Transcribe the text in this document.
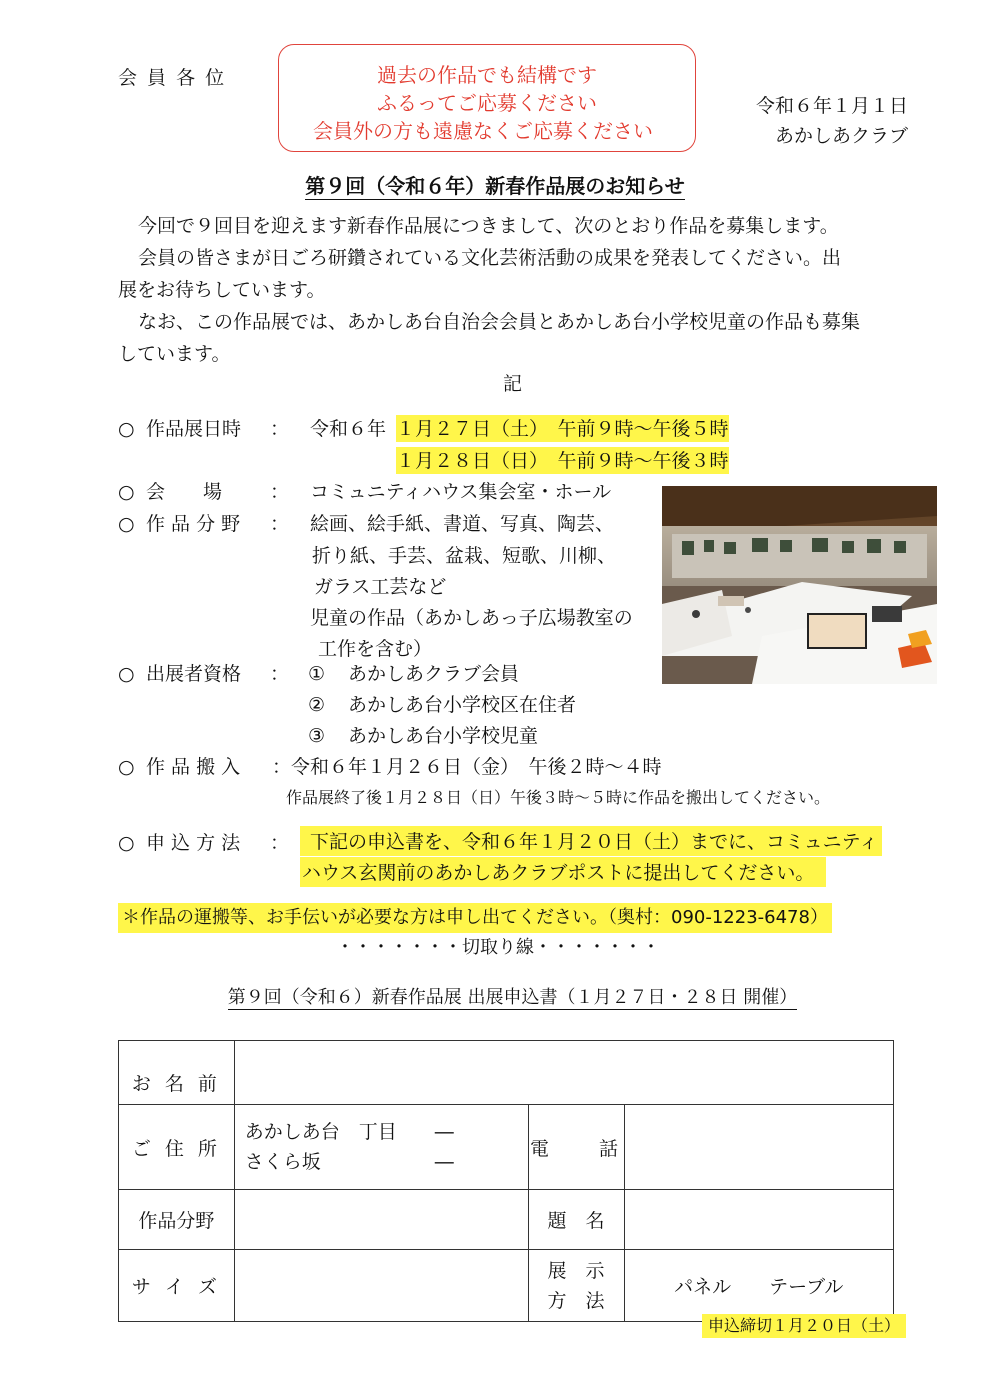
会 員 各 位	過去の作品でも結構です
ふるってご応募ください
会員外の方も遠慮なくご応募ください
令和６年１月１日
あかしあクラブ
第９回（令和６年）新春作品展のお知らせ
今回で９回目を迎えます新春作品展につきまして、次のとおり作品を募集します。
会員の皆さまが日ごろ研鑽されている文化芸術活動の成果を発表してください。出
展をお待ちしています。
なお、この作品展では、あかしあ台自治会会員とあかしあ台小学校児童の作品も募集
しています。
記
○ 作品展日時 ： 令和６年 １月２７日（土）　午前９時～午後５時
１月２８日（日）　午前９時～午後３時
○ 会　　場	： コミュニティハウス集会室・ホール
○ 作 品 分 野 ： 絵画、絵手紙、書道、写真、陶芸、
折り紙、手芸、盆栽、短歌、川柳、
ガラス工芸など
児童の作品（あかしあっ子広場教室の
工作を含む）
○ 出展者資格 ： ① あかしあクラブ会員
② あかしあ台小学校区在住者
③ あかしあ台小学校児童
○ 作 品 搬 入 ：令和６年１月２６日（金）　午後２時～４時
作品展終了後１月２８日（日）午後３時～５時に作品を搬出してください。
○ 申 込 方 法 ：	下記の申込書を、令和６年１月２０日（土）までに、コミュニティ
ハウス玄関前のあかしあクラブポストに提出してください。
＊作品の運搬等、お手伝いが必要な方は申し出てください。（奥村：090-1223-6478）
・・・・・・・切取り線・・・・・・・
第９回（令和６）新春作品展 出展申込書（１月２７日・２８日 開催）
お 名 前			
ご 住 所	あかしあ台　丁目　　―
さくら坂　　　　　　―	電　　話	
作品分野		題　名	
サ イ ズ		展　示
方　法	パネル　　テーブル
申込締切１月２０日（土）
